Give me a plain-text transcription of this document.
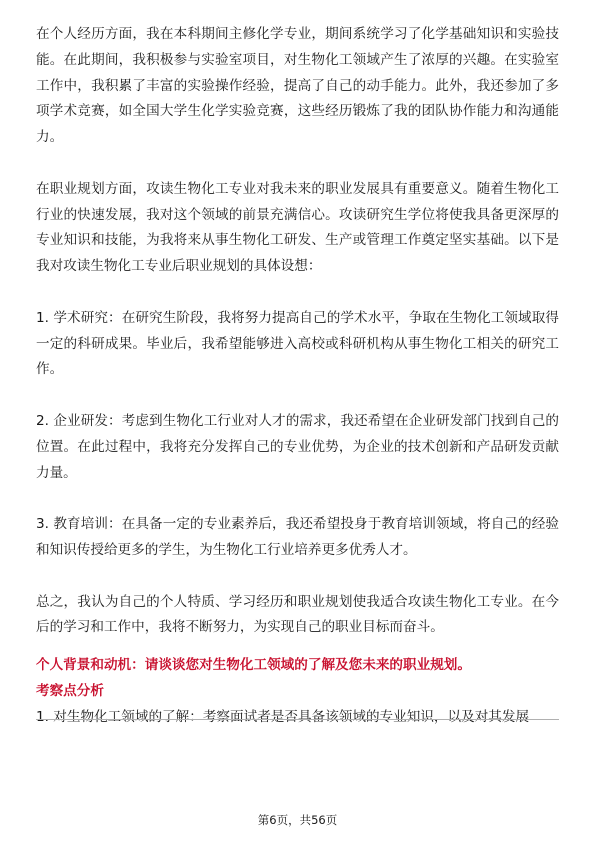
在个人经历方面，我在本科期间主修化学专业，期间系统学习了化学基础知识和实验技能。在此期间，我积极参与实验室项目，对生物化工领域产生了浓厚的兴趣。在实验室工作中，我积累了丰富的实验操作经验，提高了自己的动手能力。此外，我还参加了多项学术竞赛，如全国大学生化学实验竞赛，这些经历锻炼了我的团队协作能力和沟通能力。

在职业规划方面，攻读生物化工专业对我未来的职业发展具有重要意义。随着生物化工行业的快速发展，我对这个领域的前景充满信心。攻读研究生学位将使我具备更深厚的专业知识和技能，为我将来从事生物化工研发、生产或管理工作奠定坚实基础。以下是我对攻读生物化工专业后职业规划的具体设想：

1. 学术研究：在研究生阶段，我将努力提高自己的学术水平，争取在生物化工领域取得一定的科研成果。毕业后，我希望能够进入高校或科研机构从事生物化工相关的研究工作。

2. 企业研发：考虑到生物化工行业对人才的需求，我还希望在企业研发部门找到自己的位置。在此过程中，我将充分发挥自己的专业优势，为企业的技术创新和产品研发贡献力量。

3. 教育培训：在具备一定的专业素养后，我还希望投身于教育培训领域，将自己的经验和知识传授给更多的学生，为生物化工行业培养更多优秀人才。

总之，我认为自己的个人特质、学习经历和职业规划使我适合攻读生物化工专业。在今后的学习和工作中，我将不断努力，为实现自己的职业目标而奋斗。

个人背景和动机：请谈谈您对生物化工领域的了解及您未来的职业规划。

考察点分析

1. 对生物化工领域的了解：考察面试者是否具备该领域的专业知识，以及对其发展

第6页，共56页
